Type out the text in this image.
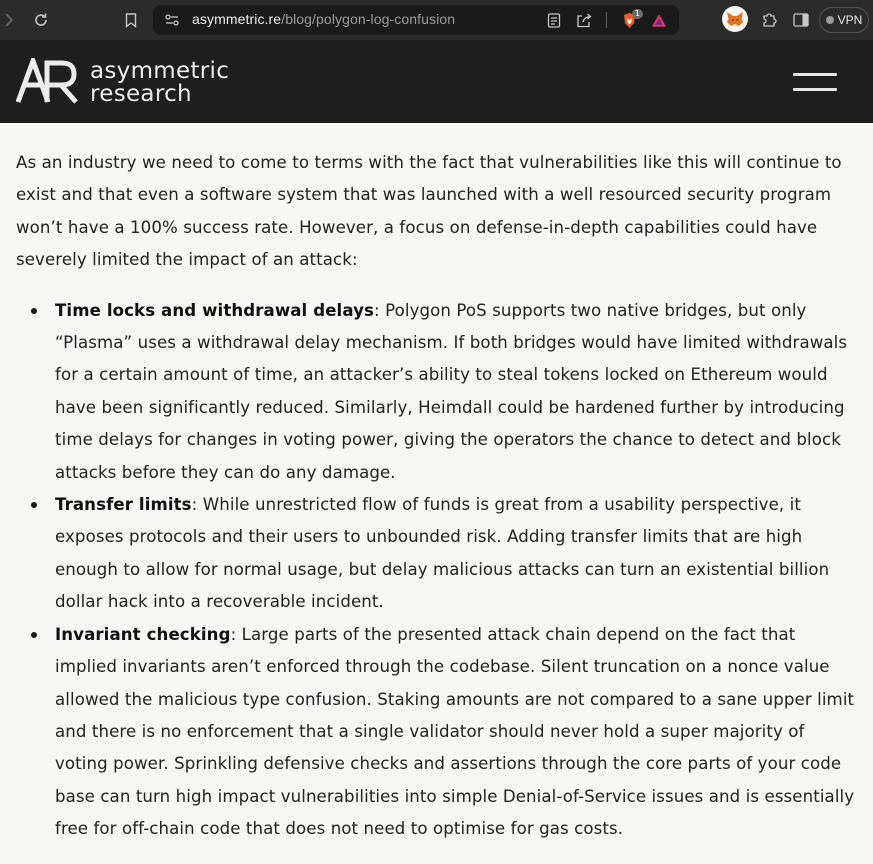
asymmetric.re/blog/polygon-log-confusion	1	VPN
asymmetric
research

As an industry we need to come to terms with the fact that vulnerabilities like this will continue to exist and that even a software system that was launched with a well resourced security program won’t have a 100% success rate. However, a focus on defense-in-depth capabilities could have severely limited the impact of an attack:

Time locks and withdrawal delays: Polygon PoS supports two native bridges, but only “Plasma” uses a withdrawal delay mechanism. If both bridges would have limited withdrawals for a certain amount of time, an attacker’s ability to steal tokens locked on Ethereum would have been significantly reduced. Similarly, Heimdall could be hardened further by introducing time delays for changes in voting power, giving the operators the chance to detect and block attacks before they can do any damage.
Transfer limits: While unrestricted flow of funds is great from a usability perspective, it exposes protocols and their users to unbounded risk. Adding transfer limits that are high enough to allow for normal usage, but delay malicious attacks can turn an existential billion dollar hack into a recoverable incident.
Invariant checking: Large parts of the presented attack chain depend on the fact that implied invariants aren’t enforced through the codebase. Silent truncation on a nonce value allowed the malicious type confusion. Staking amounts are not compared to a sane upper limit and there is no enforcement that a single validator should never hold a super majority of voting power. Sprinkling defensive checks and assertions through the core parts of your code base can turn high impact vulnerabilities into simple Denial-of-Service issues and is essentially free for off-chain code that does not need to optimise for gas costs.
